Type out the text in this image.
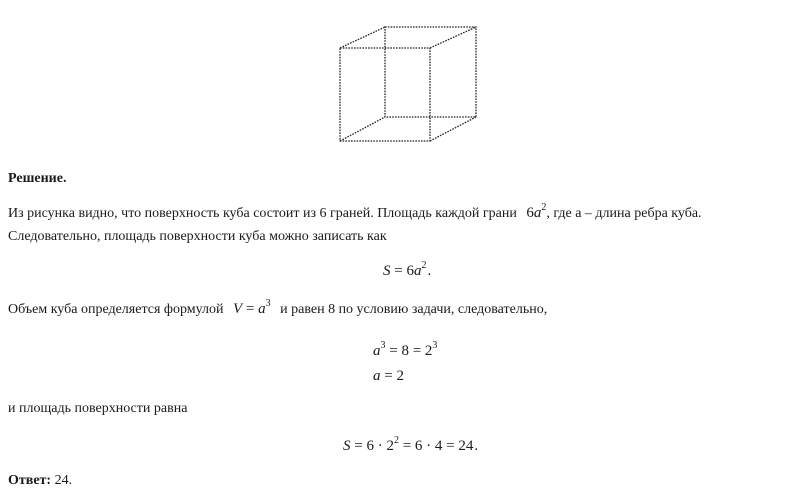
Решение.
Из рисунка видно, что поверхность куба состоит из 6 граней. Площадь каждой грани $6a^2$, где a – длина ребра куба.
Следовательно, площадь поверхности куба можно записать как
$S = 6a^2$.
Объем куба определяется формулой $V = a^3$ и равен 8 по условию задачи, следовательно,
$a^3 = 8 = 2^3$
a = 2
и площадь поверхности равна
$S = 6 \cdot 2^2 = 6 \cdot 4 = 24$.
Ответ: 24.
